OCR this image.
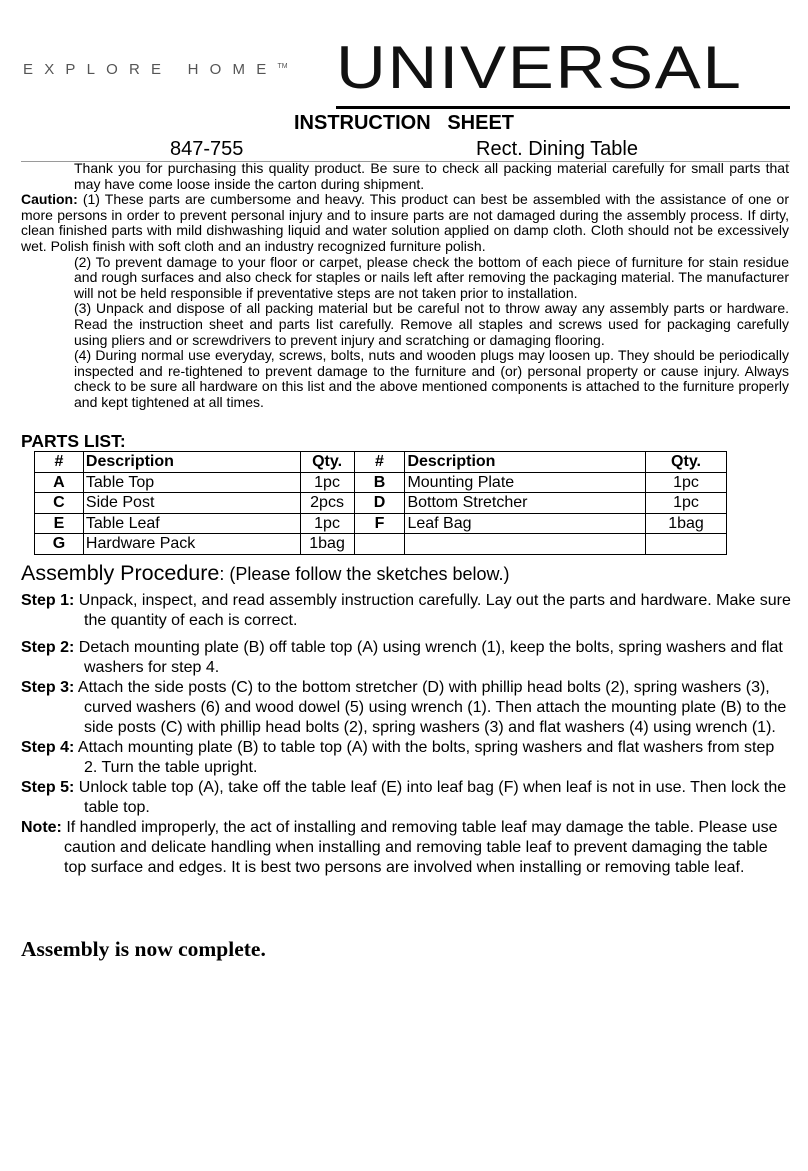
EXPLORE HOME™ UNIVERSAL
INSTRUCTION   SHEET
847-755	Rect. Dining Table

Thank you for purchasing this quality product. Be sure to check all packing material carefully for small parts that may have come loose inside the carton during shipment.

Caution: (1) These parts are cumbersome and heavy. This product can best be assembled with the assistance of one or more persons in order to prevent personal injury and to insure parts are not damaged during the assembly process. If dirty, clean finished parts with mild dishwashing liquid and water solution applied on damp cloth. Cloth should not be excessively wet. Polish finish with soft cloth and an industry recognized furniture polish.

(2) To prevent damage to your floor or carpet, please check the bottom of each piece of furniture for stain residue and rough surfaces and also check for staples or nails left after removing the packaging material. The manufacturer will not be held responsible if preventative steps are not taken prior to installation.

(3) Unpack and dispose of all packing material but be careful not to throw away any assembly parts or hardware. Read the instruction sheet and parts list carefully. Remove all staples and screws used for packaging carefully using pliers and or screwdrivers to prevent injury and scratching or damaging flooring.

(4) During normal use everyday, screws, bolts, nuts and wooden plugs may loosen up. They should be periodically inspected and re-tightened to prevent damage to the furniture and (or) personal property or cause injury. Always check to be sure all hardware on this list and the above mentioned components is attached to the furniture properly and kept tightened at all times.

PARTS LIST:
#	Description	Qty.	#	Description	Qty.
A	Table Top	1pc	B	Mounting Plate	1pc
C	Side Post	2pcs	D	Bottom Stretcher	1pc
E	Table Leaf	1pc	F	Leaf Bag	1bag
G	Hardware Pack	1bag			
Assembly Procedure: (Please follow the sketches below.)
Step 1: Unpack, inspect, and read assembly instruction carefully. Lay out the parts and hardware. Make sure the quantity of each is correct.
Step 2: Detach mounting plate (B) off table top (A) using wrench (1), keep the bolts, spring washers and flat washers for step 4.
Step 3: Attach the side posts (C) to the bottom stretcher (D) with phillip head bolts (2), spring washers (3), curved washers (6) and wood dowel (5) using wrench (1). Then attach the mounting plate (B) to the side posts (C) with phillip head bolts (2), spring washers (3) and flat washers (4) using wrench (1).
Step 4: Attach mounting plate (B) to table top (A) with the bolts, spring washers and flat washers from step 2. Turn the table upright.
Step 5: Unlock table top (A), take off the table leaf (E) into leaf bag (F) when leaf is not in use. Then lock the table top.
Note: If handled improperly, the act of installing and removing table leaf may damage the table. Please use caution and delicate handling when installing and removing table leaf to prevent damaging the table top surface and edges. It is best two persons are involved when installing or removing table leaf.
Assembly is now complete.
